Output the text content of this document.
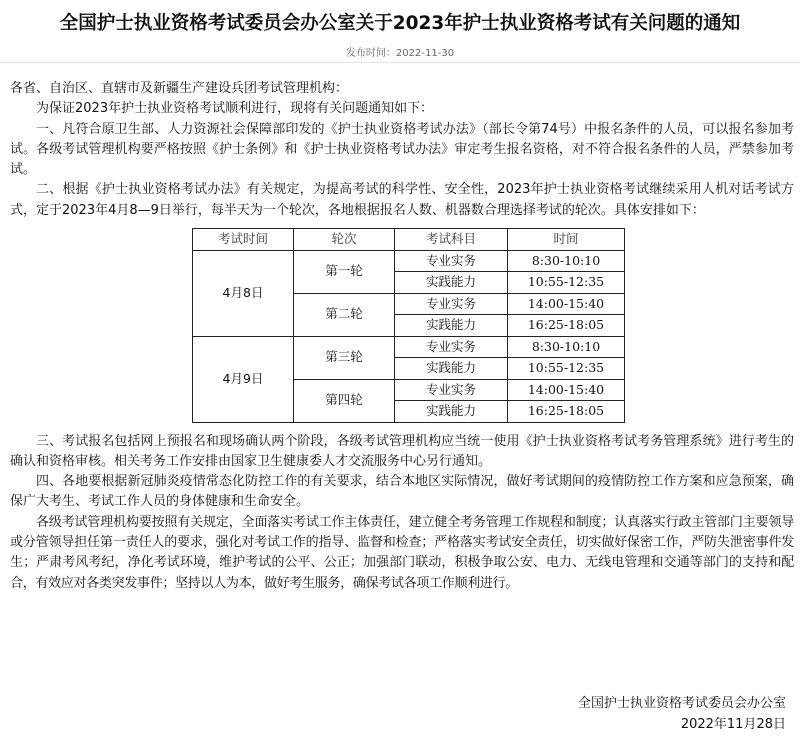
全国护士执业资格考试委员会办公室关于2023年护士执业资格考试有关问题的通知
发布时间：2022-11-30

各省、自治区、直辖市及新疆生产建设兵团考试管理机构：

为保证2023年护士执业资格考试顺利进行，现将有关问题通知如下：

一、凡符合原卫生部、人力资源社会保障部印发的《护士执业资格考试办法》（部长令第74号）中报名条件的人员，可以报名参加考试。各级考试管理机构要严格按照《护士条例》和《护士执业资格考试办法》审定考生报名资格，对不符合报名条件的人员，严禁参加考试。

二、根据《护士执业资格考试办法》有关规定，为提高考试的科学性、安全性，2023年护士执业资格考试继续采用人机对话考试方式，定于2023年4月8—9日举行，每半天为一个轮次，各地根据报名人数、机器数合理选择考试的轮次。具体安排如下：

考试时间	轮次	考试科目	时间
4月8日	第一轮	专业实务	8:30-10:10
		实践能力	10:55-12:35
	第二轮	专业实务	14:00-15:40
		实践能力	16:25-18:05
4月9日	第三轮	专业实务	8:30-10:10
		实践能力	10:55-12:35
	第四轮	专业实务	14:00-15:40
		实践能力	16:25-18:05

三、考试报名包括网上预报名和现场确认两个阶段，各级考试管理机构应当统一使用《护士执业资格考试考务管理系统》进行考生的确认和资格审核。相关考务工作安排由国家卫生健康委人才交流服务中心另行通知。

四、各地要根据新冠肺炎疫情常态化防控工作的有关要求，结合本地区实际情况，做好考试期间的疫情防控工作方案和应急预案，确保广大考生、考试工作人员的身体健康和生命安全。

各级考试管理机构要按照有关规定，全面落实考试工作主体责任，建立健全考务管理工作规程和制度；认真落实行政主管部门主要领导或分管领导担任第一责任人的要求，强化对考试工作的指导、监督和检查；严格落实考试安全责任，切实做好保密工作，严防失泄密事件发生；严肃考风考纪，净化考试环境，维护考试的公平、公正；加强部门联动，积极争取公安、电力、无线电管理和交通等部门的支持和配合，有效应对各类突发事件；坚持以人为本，做好考生服务，确保考试各项工作顺利进行。

全国护士执业资格考试委员会办公室
2022年11月28日
